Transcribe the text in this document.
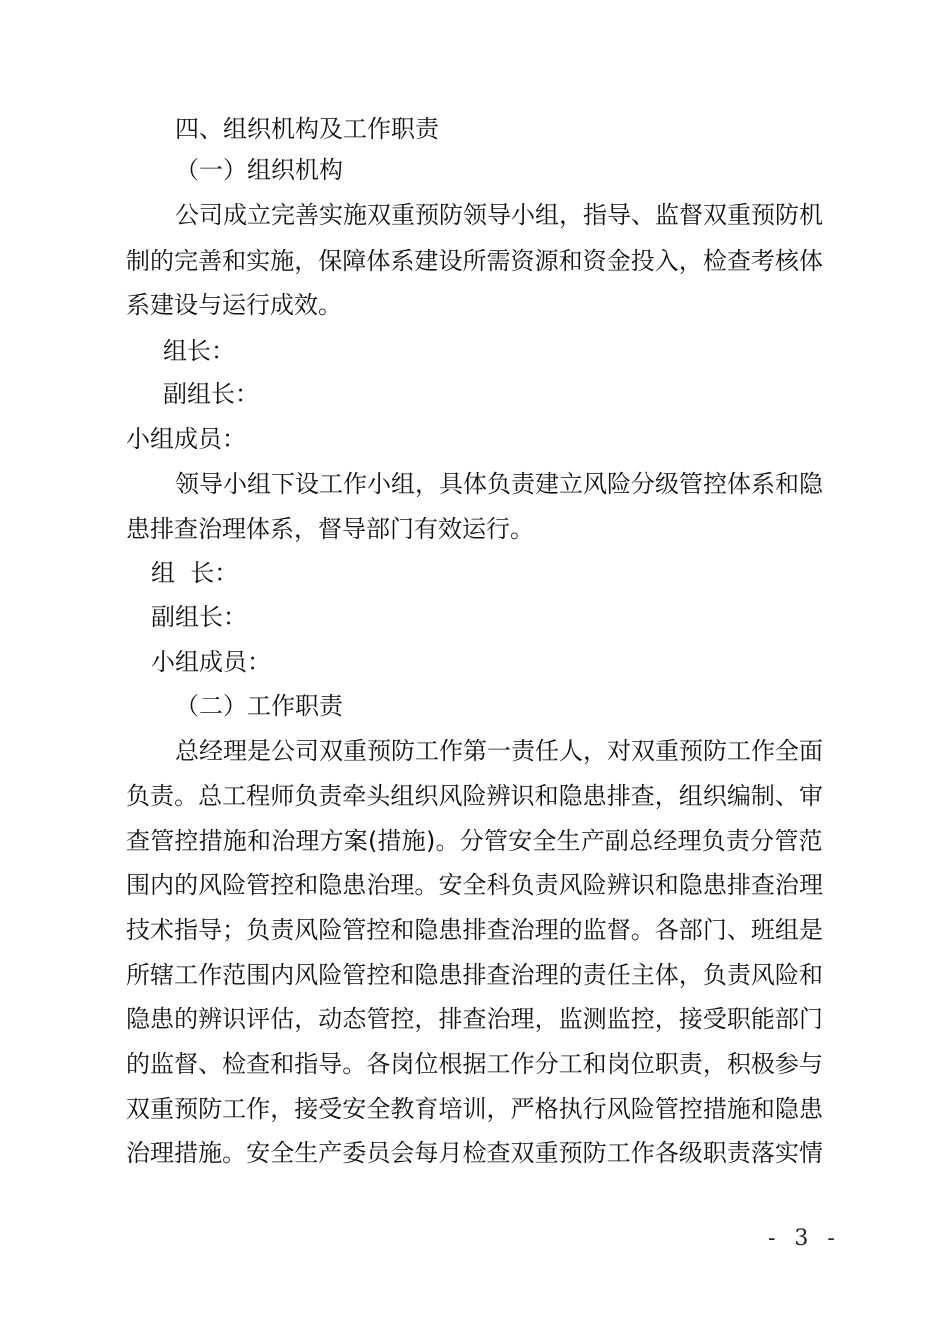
四、组织机构及工作职责
（一）组织机构
公司成立完善实施双重预防领导小组，指导、监督双重预防机
制的完善和实施，保障体系建设所需资源和资金投入，检查考核体
系建设与运行成效。
组长：
副组长：
小组成员：
领导小组下设工作小组，具体负责建立风险分级管控体系和隐
患排查治理体系，督导部门有效运行。
组  长：
副组长：
小组成员：
（二）工作职责
总经理是公司双重预防工作第一责任人，对双重预防工作全面
负责。总工程师负责牵头组织风险辨识和隐患排查，组织编制、审
查管控措施和治理方案(措施)。分管安全生产副总经理负责分管范
围内的风险管控和隐患治理。安全科负责风险辨识和隐患排查治理
技术指导；负责风险管控和隐患排查治理的监督。各部门、班组是
所辖工作范围内风险管控和隐患排查治理的责任主体，负责风险和
隐患的辨识评估，动态管控，排查治理，监测监控，接受职能部门
的监督、检查和指导。各岗位根据工作分工和岗位职责，积极参与
双重预防工作，接受安全教育培训，严格执行风险管控措施和隐患
治理措施。安全生产委员会每月检查双重预防工作各级职责落实情
- 3 -
